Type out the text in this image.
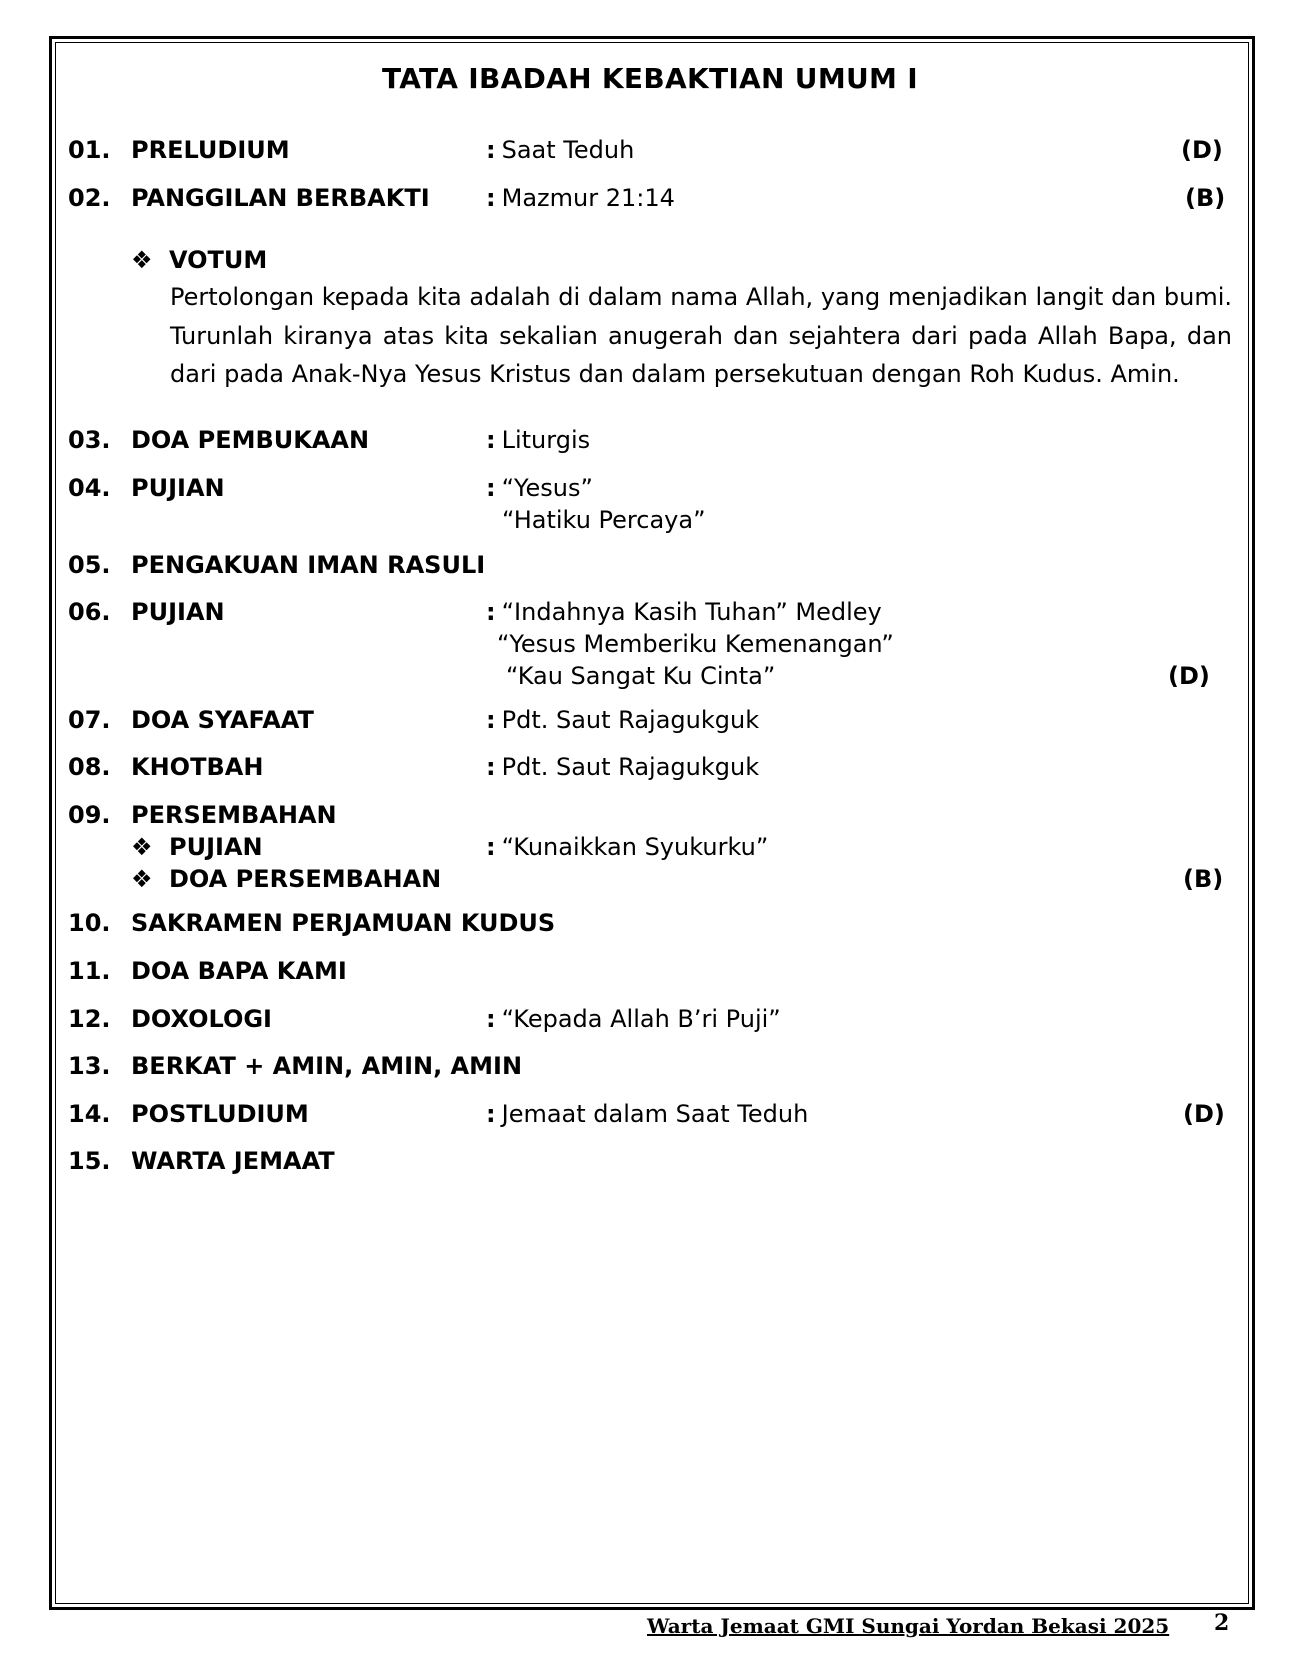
TATA IBADAH KEBAKTIAN UMUM I
01. PRELUDIUM	: Saat Teduh	(D)
02. PANGGILAN BERBAKTI : Mazmur 21:14	(B)
❖ VOTUM
Pertolongan kepada kita adalah di dalam nama Allah, yang menjadikan langit dan bumi. Turunlah kiranya atas kita sekalian anugerah dan sejahtera dari pada Allah Bapa, dan dari pada Anak-Nya Yesus Kristus dan dalam persekutuan dengan Roh Kudus. Amin.
03. DOA PEMBUKAAN	: Liturgis
04. PUJIAN	: “Yesus”
“Hatiku Percaya”
05. PENGAKUAN IMAN RASULI
06. PUJIAN	: “Indahnya Kasih Tuhan” Medley
“Yesus Memberiku Kemenangan”
“Kau Sangat Ku Cinta”	(D)
07. DOA SYAFAAT	: Pdt. Saut Rajagukguk
08. KHOTBAH	: Pdt. Saut Rajagukguk
09. PERSEMBAHAN
❖ PUJIAN	: “Kunaikkan Syukurku”
❖ DOA PERSEMBAHAN	(B)
10. SAKRAMEN PERJAMUAN KUDUS
11. DOA BAPA KAMI
12. DOXOLOGI	: “Kepada Allah B’ri Puji”
13. BERKAT + AMIN, AMIN, AMIN
14. POSTLUDIUM	: Jemaat dalam Saat Teduh	(D)
15. WARTA JEMAAT
Warta Jemaat GMI Sungai Yordan Bekasi 2025 2
